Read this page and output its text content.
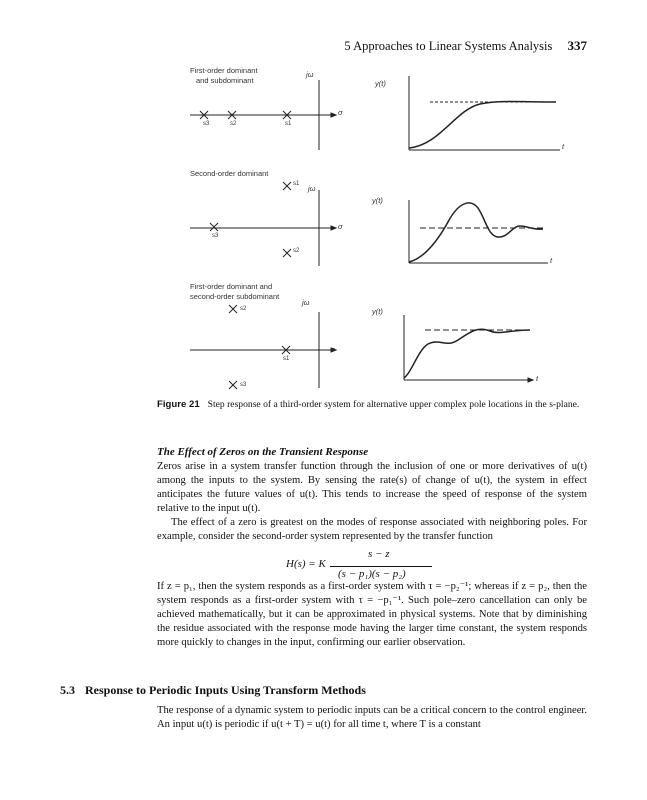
5 Approaches to Linear Systems Analysis 337
First-order dominant
and subdominant
jω
σ
s3	s2	s1
y(t)
t
Second-order dominant
jω
σ
s1
s3
s2
y(t)
t
First-order dominant and
second-order subdominant
jω
σ
s2
s1
s3
y(t)
t
Figure 21 Step response of a third-order system for alternative upper complex pole locations in the s-plane.
The Effect of Zeros on the Transient Response
Zeros arise in a system transfer function through the inclusion of one or more derivatives of u(t) among the inputs to the system. By sensing the rate(s) of change of u(t), the system in effect anticipates the future values of u(t). This tends to increase the speed of response of the system relative to the input u(t).
The effect of a zero is greatest on the modes of response associated with neighboring poles. For example, consider the second-order system represented by the transfer function
H(s) = K
s − z
(s − p₁)(s − p₂)
If z = p₁, then the system responds as a first-order system with τ = −p₂⁻¹; whereas if z = p₂, then the system responds as a first-order system with τ = −p₁⁻¹. Such pole–zero cancellation can only be achieved mathematically, but it can be approximated in physical systems. Note that by diminishing the residue associated with the response mode having the larger time constant, the system responds more quickly to changes in the input, confirming our earlier observation.
5.3 Response to Periodic Inputs Using Transform Methods
The response of a dynamic system to periodic inputs can be a critical concern to the control engineer. An input u(t) is periodic if u(t + T) = u(t) for all time t, where T is a constant
